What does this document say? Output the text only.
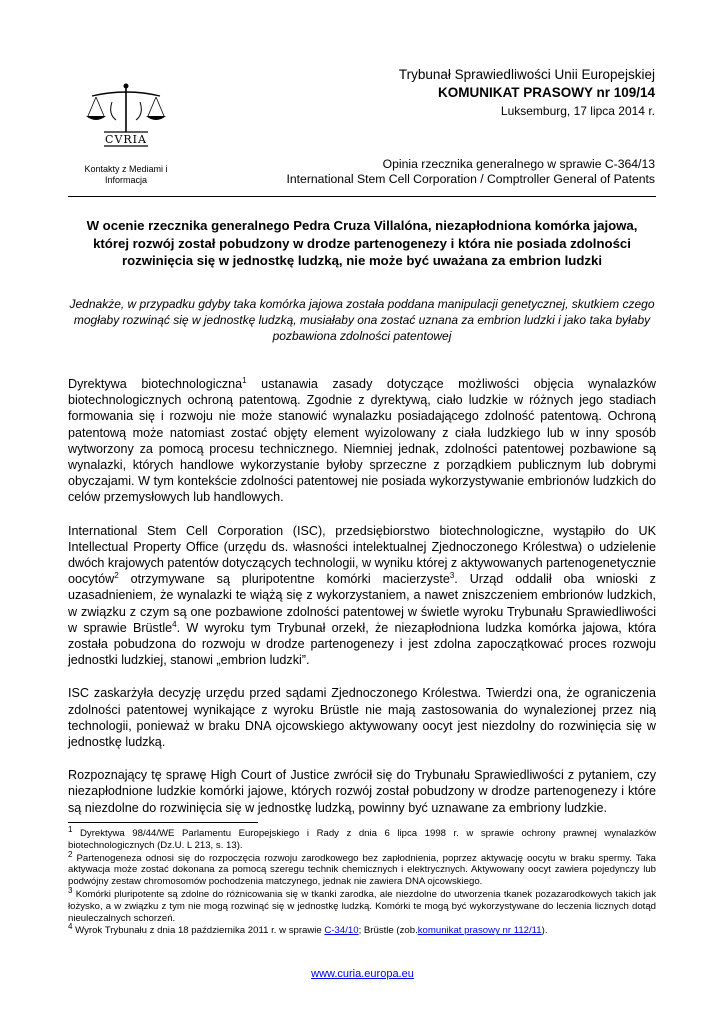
CVRIA
Kontakty z Mediami i Informacja
Trybunał Sprawiedliwości Unii Europejskiej
KOMUNIKAT PRASOWY nr 109/14
Luksemburg, 17 lipca 2014 r.
Opinia rzecznika generalnego w sprawie C-364/13
International Stem Cell Corporation / Comptroller General of Patents
W ocenie rzecznika generalnego Pedra Cruza Villalóna, niezapłodniona komórka jajowa, której rozwój został pobudzony w drodze partenogenezy i która nie posiada zdolności rozwinięcia się w jednostkę ludzką, nie może być uważana za embrion ludzki
Jednakże, w przypadku gdyby taka komórka jajowa została poddana manipulacji genetycznej, skutkiem czego mogłaby rozwinąć się w jednostkę ludzką, musiałaby ona zostać uznana za embrion ludzki i jako taka byłaby pozbawiona zdolności patentowej

Dyrektywa biotechnologiczna$^1$ ustanawia zasady dotyczące możliwości objęcia wynalazków biotechnologicznych ochroną patentową. Zgodnie z dyrektywą, ciało ludzkie w różnych jego stadiach formowania się i rozwoju nie może stanowić wynalazku posiadającego zdolność patentową. Ochroną patentową może natomiast zostać objęty element wyizolowany z ciała ludzkiego lub w inny sposób wytworzony za pomocą procesu technicznego. Niemniej jednak, zdolności patentowej pozbawione są wynalazki, których handlowe wykorzystanie byłoby sprzeczne z porządkiem publicznym lub dobrymi obyczajami. W tym kontekście zdolności patentowej nie posiada wykorzystywanie embrionów ludzkich do celów przemysłowych lub handlowych.

International Stem Cell Corporation (ISC), przedsiębiorstwo biotechnologiczne, wystąpiło do UK Intellectual Property Office (urzędu ds. własności intelektualnej Zjednoczonego Królestwa) o udzielenie dwóch krajowych patentów dotyczących technologii, w wyniku której z aktywowanych partenogenetycznie oocytów$^2$ otrzymywane są pluripotentne komórki macierzyste$^3$. Urząd oddalił oba wnioski z uzasadnieniem, że wynalazki te wiążą się z wykorzystaniem, a nawet zniszczeniem embrionów ludzkich, w związku z czym są one pozbawione zdolności patentowej w świetle wyroku Trybunału Sprawiedliwości w sprawie Brüstle$^4$. W wyroku tym Trybunał orzekł, że niezapłodniona ludzka komórka jajowa, która została pobudzona do rozwoju w drodze partenogenezy i jest zdolna zapoczątkować proces rozwoju jednostki ludzkiej, stanowi „embrion ludzki”.

ISC zaskarżyła decyzję urzędu przed sądami Zjednoczonego Królestwa. Twierdzi ona, że ograniczenia zdolności patentowej wynikające z wyroku Brüstle nie mają zastosowania do wynalezionej przez nią technologii, ponieważ w braku DNA ojcowskiego aktywowany oocyt jest niezdolny do rozwinięcia się w jednostkę ludzką.

Rozpoznający tę sprawę High Court of Justice zwrócił się do Trybunału Sprawiedliwości z pytaniem, czy niezapłodnione ludzkie komórki jajowe, których rozwój został pobudzony w drodze partenogenezy i które są niezdolne do rozwinięcia się w jednostkę ludzką, powinny być uznawane za embriony ludzkie.

$^1$ Dyrektywa 98/44/WE Parlamentu Europejskiego i Rady z dnia 6 lipca 1998 r. w sprawie ochrony prawnej wynalazków biotechnologicznych (Dz.U. L 213, s. 13).

$^2$ Partenogeneza odnosi się do rozpoczęcia rozwoju zarodkowego bez zapłodnienia, poprzez aktywację oocytu w braku spermy. Taka aktywacja może zostać dokonana za pomocą szeregu technik chemicznych i elektrycznych. Aktywowany oocyt zawiera pojedynczy lub podwójny zestaw chromosomów pochodzenia matczynego, jednak nie zawiera DNA ojcowskiego.

$^3$ Komórki pluripotente są zdolne do różnicowania się w tkanki zarodka, ale niezdolne do utworzenia tkanek pozazarodkowych takich jak łożysko, a w związku z tym nie mogą rozwinąć się w jednostkę ludzką. Komórki te mogą być wykorzystywane do leczenia licznych dotąd nieuleczalnych schorzeń.

$^4$ Wyrok Trybunału z dnia 18 października 2011 r. w sprawie C-34/10; Brüstle (zob.komunikat prasowy nr 112/11).

www.curia.europa.eu
